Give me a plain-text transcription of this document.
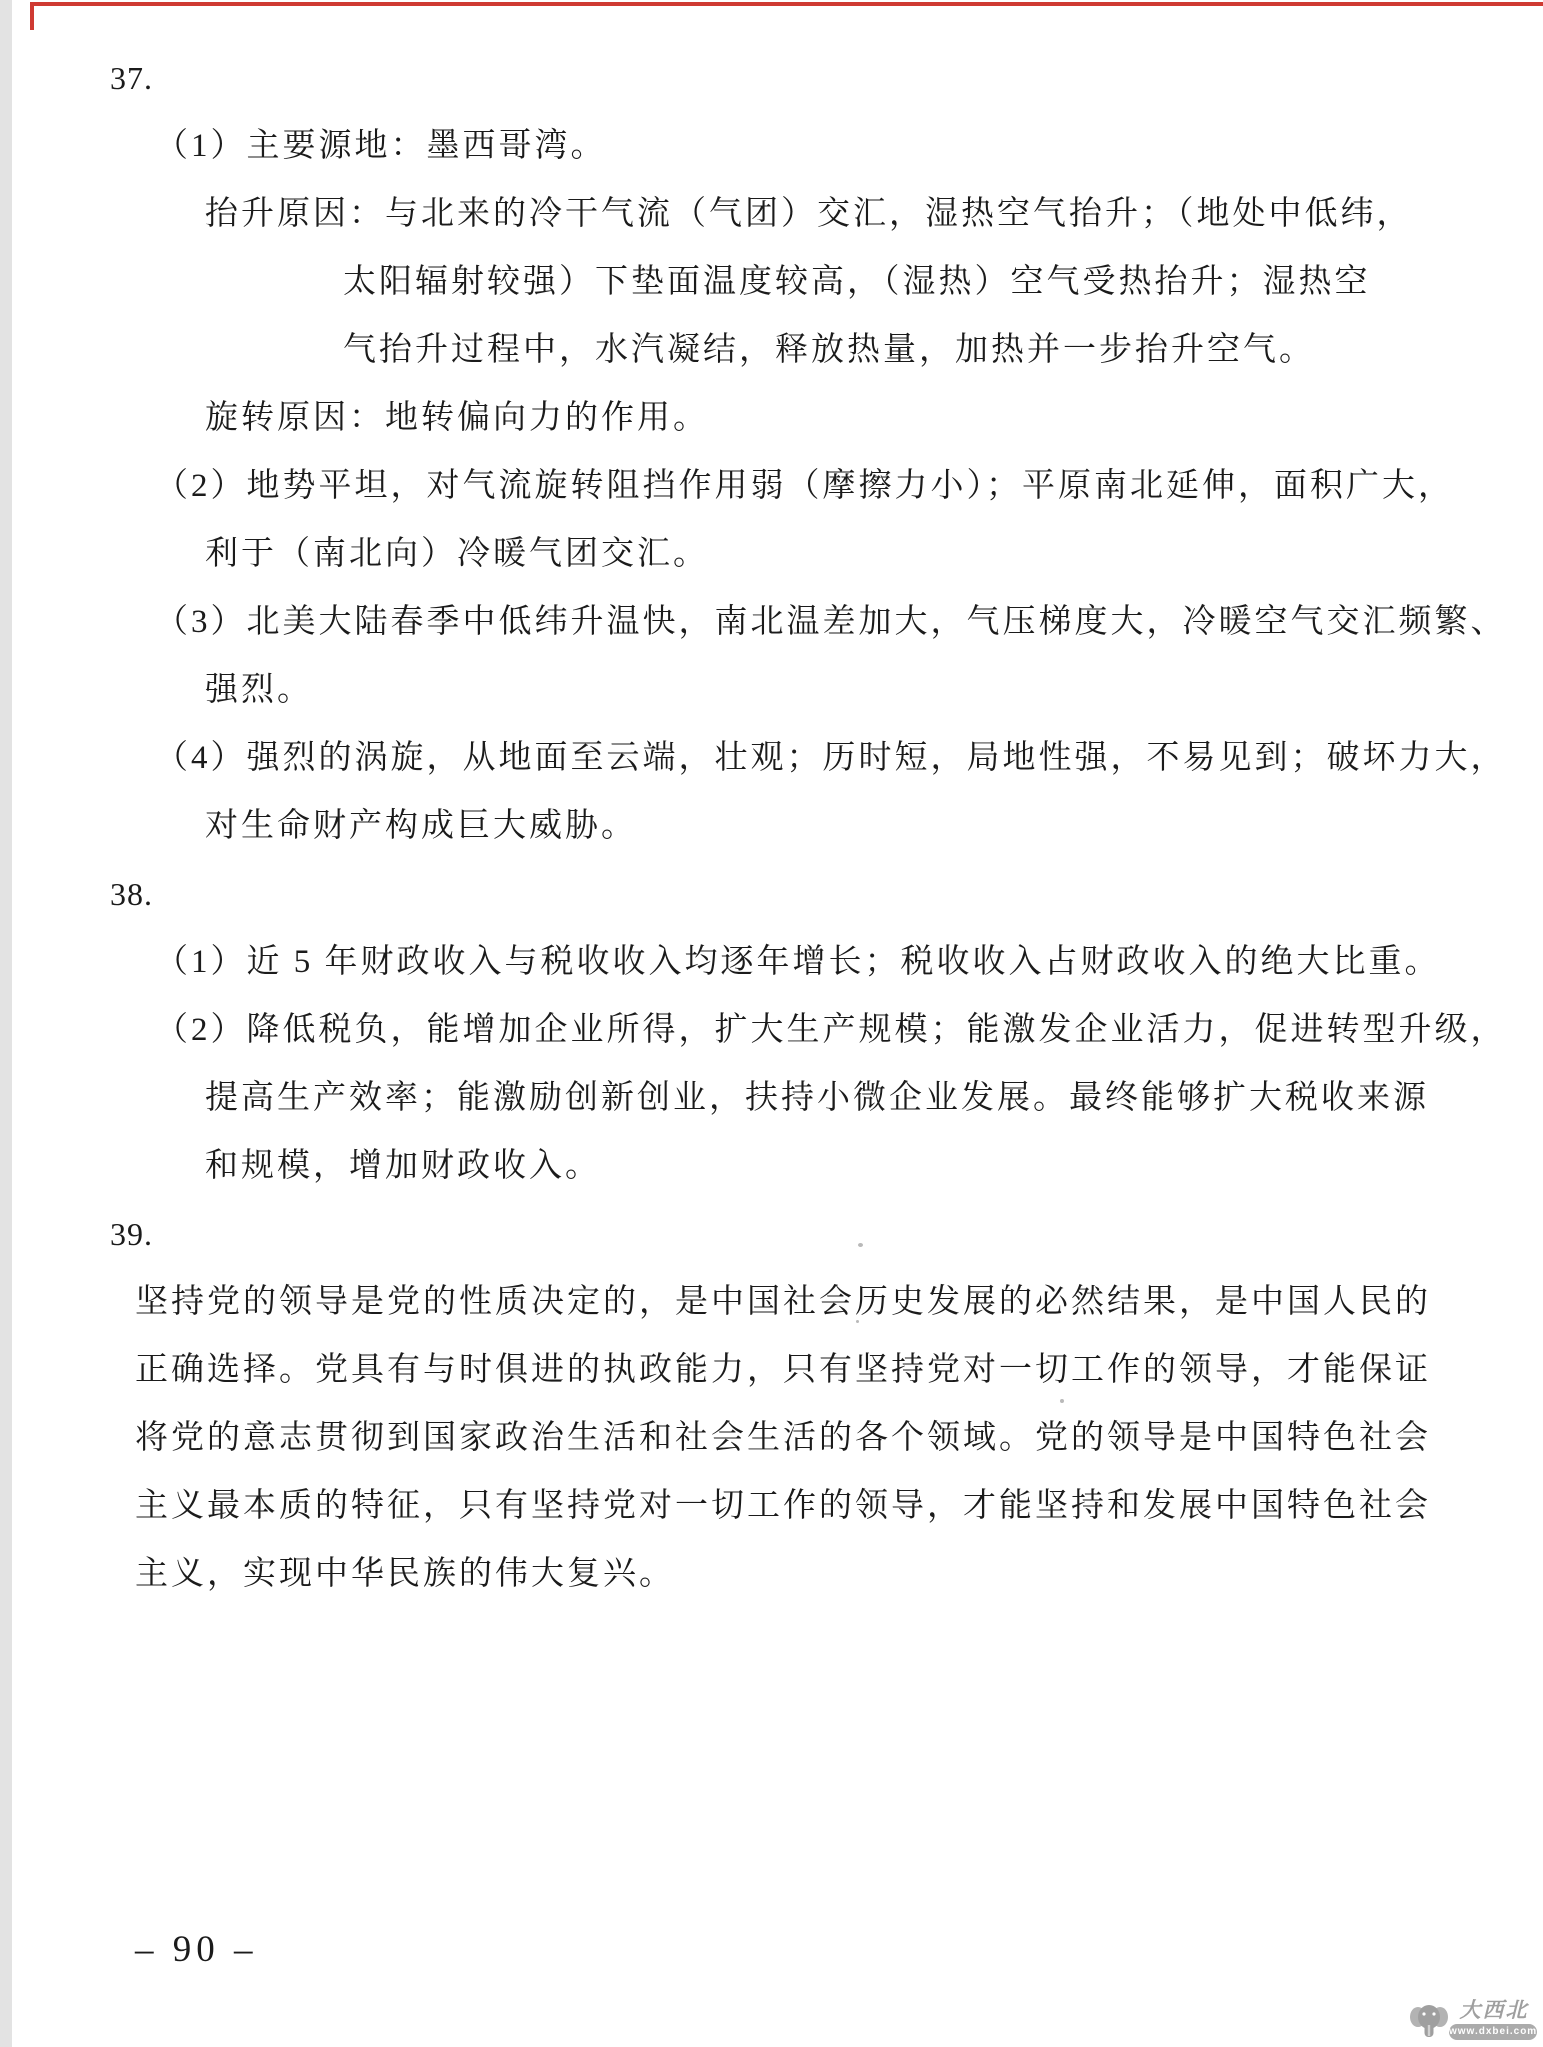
37.
（1）主要源地：墨西哥湾。
抬升原因：与北来的冷干气流（气团）交汇，湿热空气抬升；（地处中低纬，
太阳辐射较强）下垫面温度较高，（湿热）空气受热抬升；湿热空
气抬升过程中，水汽凝结，释放热量，加热并一步抬升空气。
旋转原因：地转偏向力的作用。
（2）地势平坦，对气流旋转阻挡作用弱（摩擦力小）；平原南北延伸，面积广大，
利于（南北向）冷暖气团交汇。
（3）北美大陆春季中低纬升温快，南北温差加大，气压梯度大，冷暖空气交汇频繁、
强烈。
（4）强烈的涡旋，从地面至云端，壮观；历时短，局地性强，不易见到；破坏力大，
对生命财产构成巨大威胁。
38.
（1）近 5 年财政收入与税收收入均逐年增长；税收收入占财政收入的绝大比重。
（2）降低税负，能增加企业所得，扩大生产规模；能激发企业活力，促进转型升级，
提高生产效率；能激励创新创业，扶持小微企业发展。最终能够扩大税收来源
和规模，增加财政收入。
39.
坚持党的领导是党的性质决定的，是中国社会历史发展的必然结果，是中国人民的
正确选择。党具有与时俱进的执政能力，只有坚持党对一切工作的领导，才能保证
将党的意志贯彻到国家政治生活和社会生活的各个领域。党的领导是中国特色社会
主义最本质的特征，只有坚持党对一切工作的领导，才能坚持和发展中国特色社会
主义，实现中华民族的伟大复兴。
– 90 –
大西北
www.dxbei.com
